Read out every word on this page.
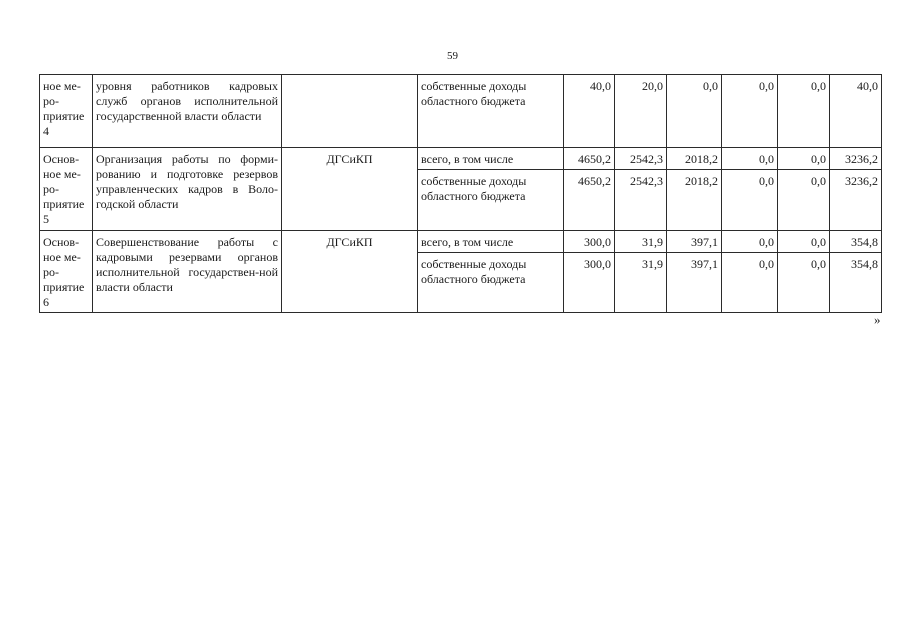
59
ное ме-ро-приятие 4	уровня работников кадровых служб органов исполнительной государственной власти области		собственные доходы областного бюджета	40,0	20,0	0,0	0,0	0,0	40,0
Основ-ное ме-ро-приятие 5	Организация работы по форми-рованию и подготовке резервов управленческих кадров в Воло-годской области	ДГСиКП	всего, в том числе	4650,2	2542,3	2018,2	0,0	0,0	3236,2
			собственные доходы областного бюджета	4650,2	2542,3	2018,2	0,0	0,0	3236,2
Основ-ное ме-ро-приятие 6	Совершенствование работы с кадровыми резервами органов исполнительной государствен-ной власти области	ДГСиКП	всего, в том числе	300,0	31,9	397,1	0,0	0,0	354,8
			собственные доходы областного бюджета	300,0	31,9	397,1	0,0	0,0	354,8
»
